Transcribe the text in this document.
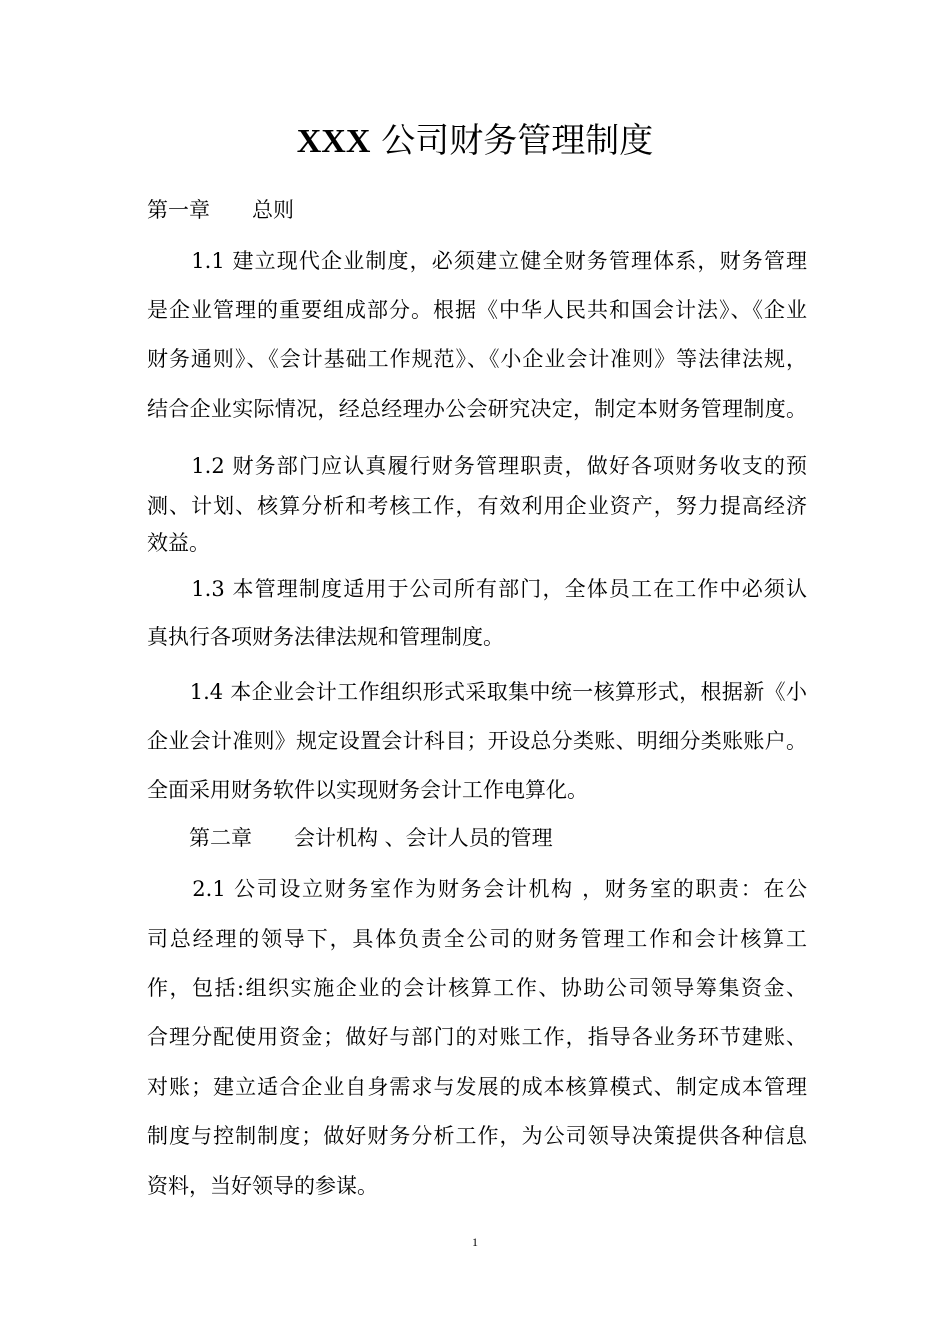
XXX 公司财务管理制度
第一章　　总则
　　1.1 建立现代企业制度，必须建立健全财务管理体系，财务管理
是企业管理的重要组成部分。根据《中华人民共和国会计法》、《企业
财务通则》、《会计基础工作规范》、《小企业会计准则》等法律法规，
结合企业实际情况，经总经理办公会研究决定，制定本财务管理制度。
　　1.2 财务部门应认真履行财务管理职责，做好各项财务收支的预
测、计划、核算分析和考核工作，有效利用企业资产，努力提高经济
效益。
　　1.3 本管理制度适用于公司所有部门，全体员工在工作中必须认
真执行各项财务法律法规和管理制度。
　　1.4 本企业会计工作组织形式采取集中统一核算形式，根据新《小
企业会计准则》规定设置会计科目；开设总分类账、明细分类账账户。
全面采用财务软件以实现财务会计工作电算化。
　　第二章　　会计机构 、会计人员的管理
　　2.1 公司设立财务室作为财务会计机构 ，财务室的职责：在公
司总经理的领导下，具体负责全公司的财务管理工作和会计核算工
作，包括:组织实施企业的会计核算工作、协助公司领导筹集资金、
合理分配使用资金；做好与部门的对账工作，指导各业务环节建账、
对账；建立适合企业自身需求与发展的成本核算模式、制定成本管理
制度与控制制度；做好财务分析工作，为公司领导决策提供各种信息
资料，当好领导的参谋。
1
